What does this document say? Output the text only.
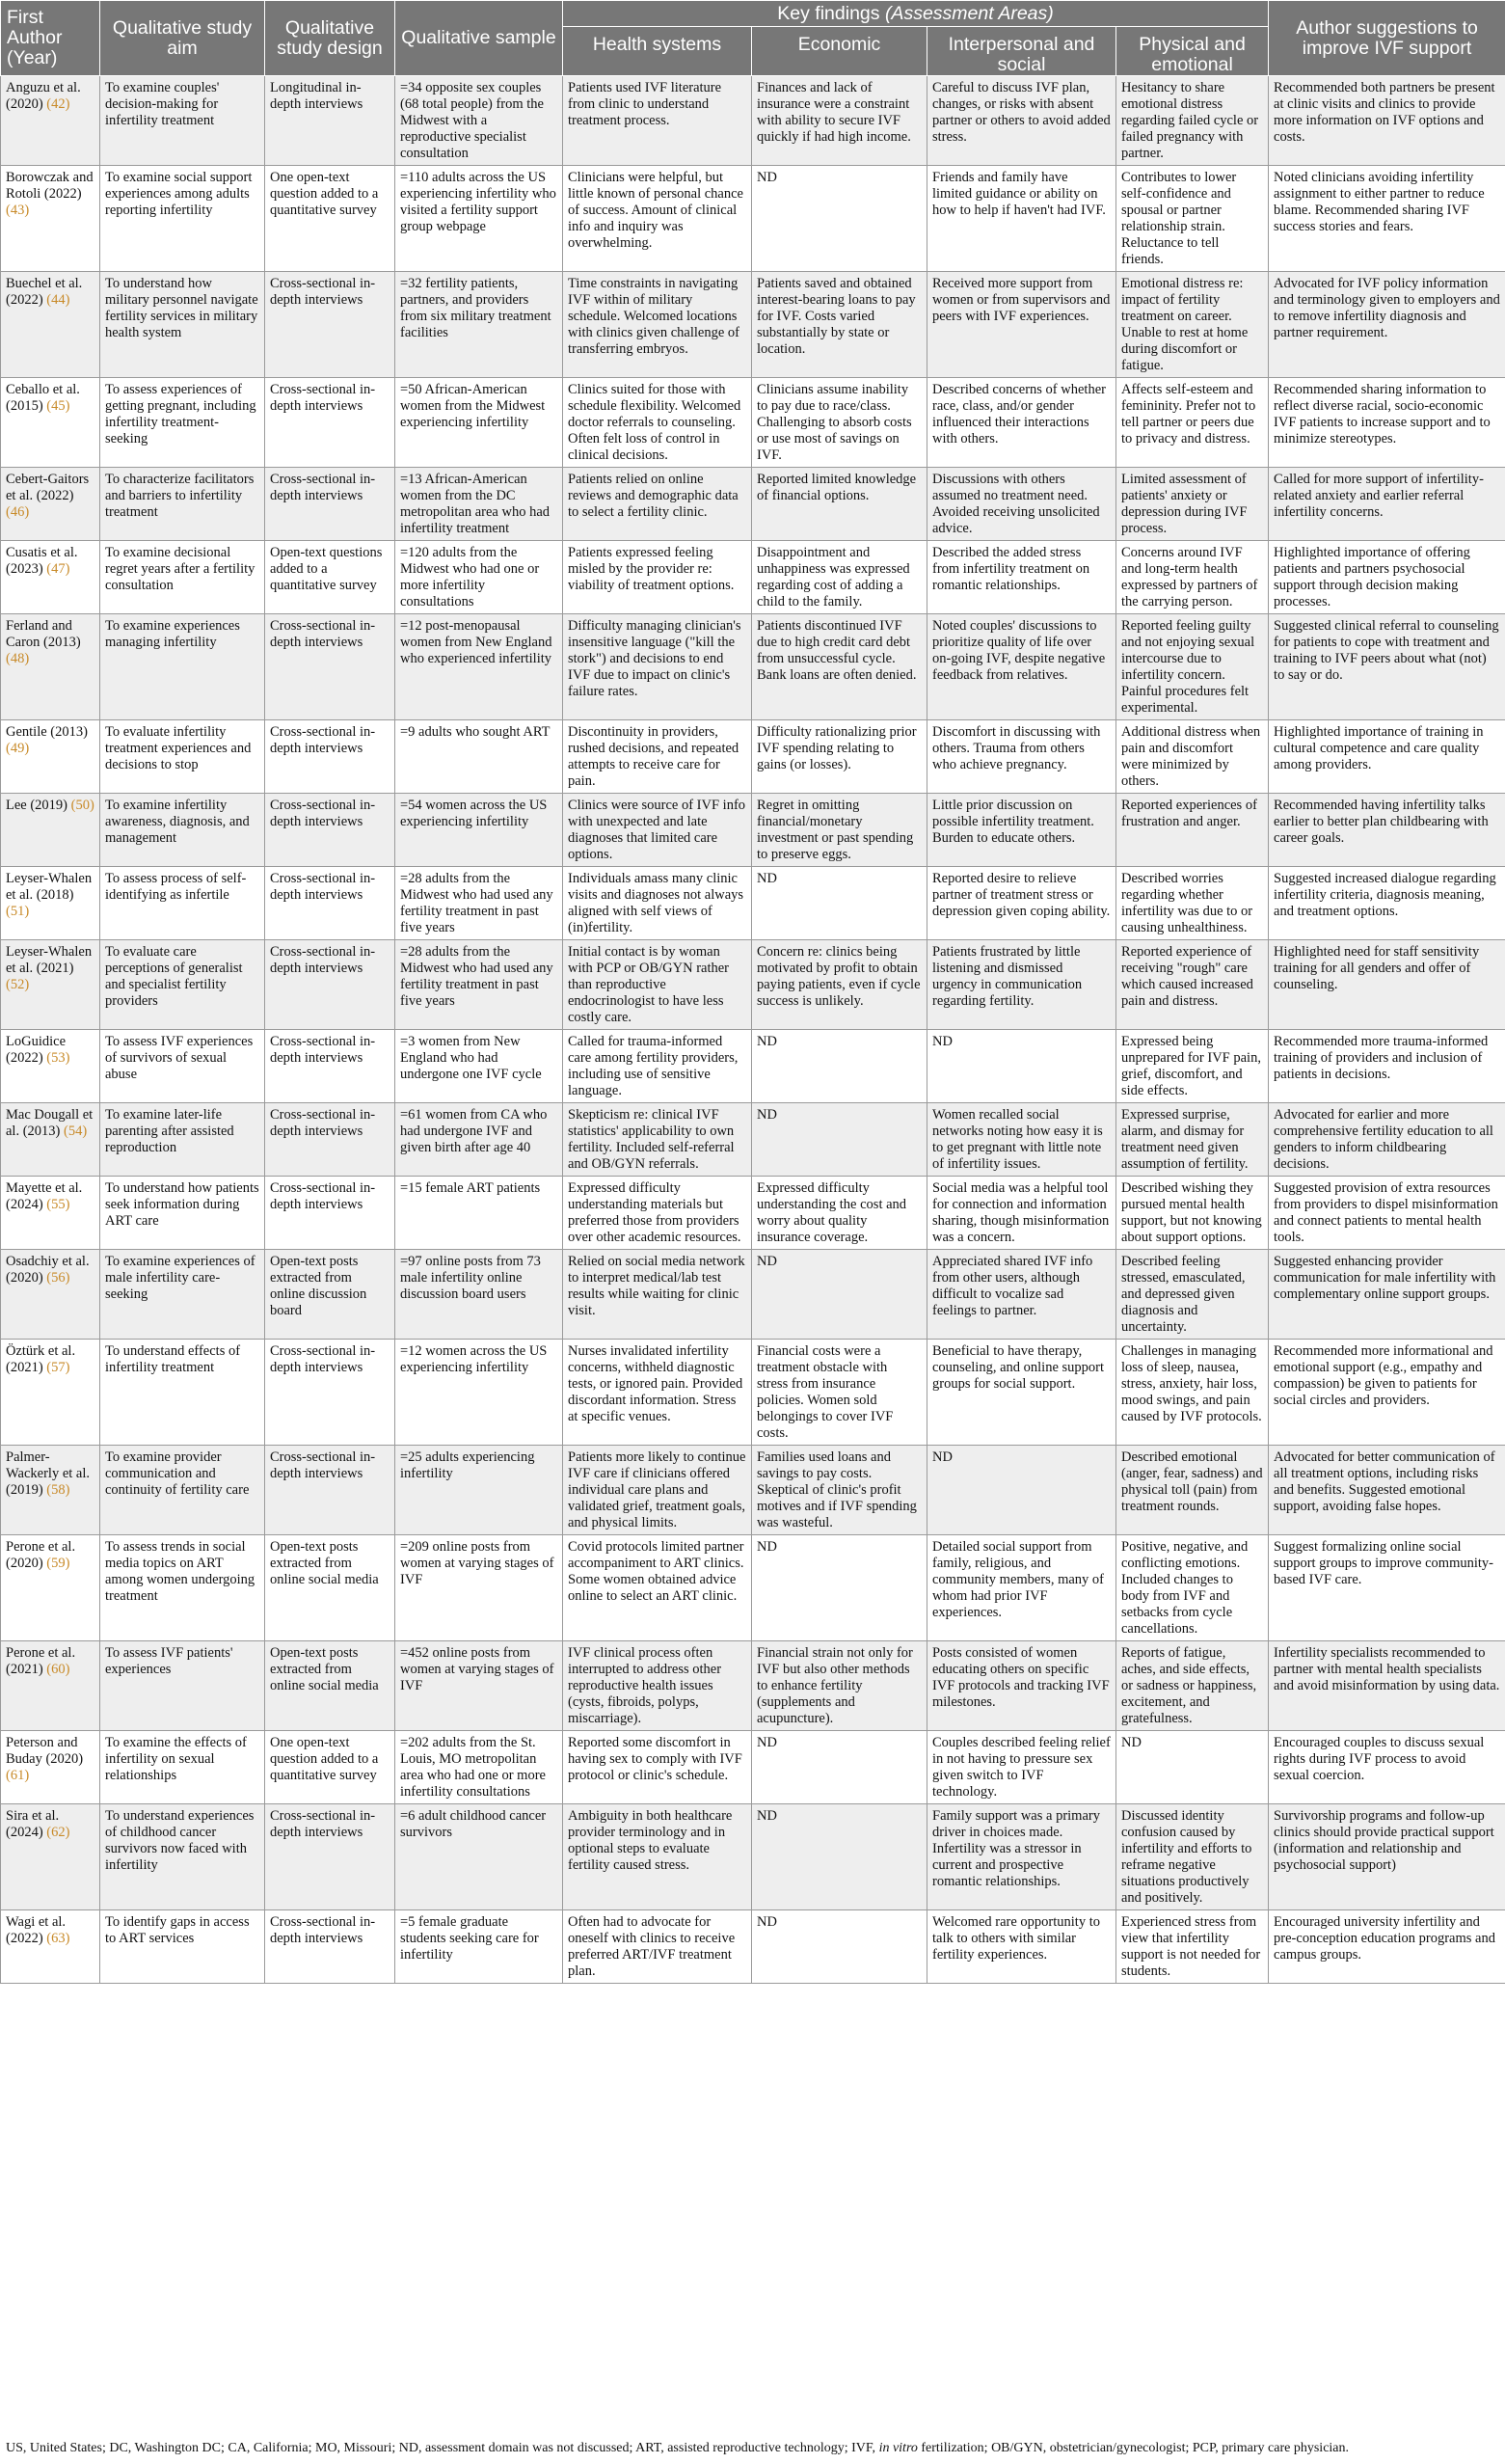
First Author (Year)	Qualitative study aim	Qualitative study design	Qualitative sample	Key findings (Assessment Areas)				Author suggestions to improve IVF support
				Health systems	Economic	Interpersonal and social	Physical and emotional	
Anguzu et al. (2020) (42)	To examine couples' decision-making for infertility treatment	Longitudinal in-depth interviews	=34 opposite sex couples (68 total people) from the Midwest with a reproductive specialist consultation	Patients used IVF literature from clinic to understand treatment process.	Finances and lack of insurance were a constraint with ability to secure IVF quickly if had high income.	Careful to discuss IVF plan, changes, or risks with absent partner or others to avoid added stress.	Hesitancy to share emotional distress regarding failed cycle or failed pregnancy with partner.	Recommended both partners be present at clinic visits and clinics to provide more information on IVF options and costs.
Borowczak and Rotoli (2022) (43)	To examine social support experiences among adults reporting infertility	One open-text question added to a quantitative survey	=110 adults across the US experiencing infertility who visited a fertility support group webpage	Clinicians were helpful, but little known of personal chance of success. Amount of clinical info and inquiry was overwhelming.	ND	Friends and family have limited guidance or ability on how to help if haven't had IVF.	Contributes to lower self-confidence and spousal or partner relationship strain. Reluctance to tell friends.	Noted clinicians avoiding infertility assignment to either partner to reduce blame. Recommended sharing IVF success stories and fears.
Buechel et al. (2022) (44)	To understand how military personnel navigate fertility services in military health system	Cross-sectional in-depth interviews	=32 fertility patients, partners, and providers from six military treatment facilities	Time constraints in navigating IVF within of military schedule. Welcomed locations with clinics given challenge of transferring embryos.	Patients saved and obtained interest-bearing loans to pay for IVF. Costs varied substantially by state or location.	Received more support from women or from supervisors and peers with IVF experiences.	Emotional distress re: impact of fertility treatment on career. Unable to rest at home during discomfort or fatigue.	Advocated for IVF policy information and terminology given to employers and to remove infertility diagnosis and partner requirement.
Ceballo et al. (2015) (45)	To assess experiences of getting pregnant, including infertility treatment-seeking	Cross-sectional in-depth interviews	=50 African-American women from the Midwest experiencing infertility	Clinics suited for those with schedule flexibility. Welcomed doctor referrals to counseling. Often felt loss of control in clinical decisions.	Clinicians assume inability to pay due to race/class. Challenging to absorb costs or use most of savings on IVF.	Described concerns of whether race, class, and/or gender influenced their interactions with others.	Affects self-esteem and femininity. Prefer not to tell partner or peers due to privacy and distress.	Recommended sharing information to reflect diverse racial, socio-economic IVF patients to increase support and to minimize stereotypes.
Cebert-Gaitors et al. (2022) (46)	To characterize facilitators and barriers to infertility treatment	Cross-sectional in-depth interviews	=13 African-American women from the DC metropolitan area who had infertility treatment	Patients relied on online reviews and demographic data to select a fertility clinic.	Reported limited knowledge of financial options.	Discussions with others assumed no treatment need. Avoided receiving unsolicited advice.	Limited assessment of patients' anxiety or depression during IVF process.	Called for more support of infertility-related anxiety and earlier referral infertility concerns.
Cusatis et al. (2023) (47)	To examine decisional regret years after a fertility consultation	Open-text questions added to a quantitative survey	=120 adults from the Midwest who had one or more infertility consultations	Patients expressed feeling misled by the provider re: viability of treatment options.	Disappointment and unhappiness was expressed regarding cost of adding a child to the family.	Described the added stress from infertility treatment on romantic relationships.	Concerns around IVF and long-term health expressed by partners of the carrying person.	Highlighted importance of offering patients and partners psychosocial support through decision making processes.
Ferland and Caron (2013) (48)	To examine experiences managing infertility	Cross-sectional in-depth interviews	=12 post-menopausal women from New England who experienced infertility	Difficulty managing clinician's insensitive language ("kill the stork") and decisions to end IVF due to impact on clinic's failure rates.	Patients discontinued IVF due to high credit card debt from unsuccessful cycle. Bank loans are often denied.	Noted couples' discussions to prioritize quality of life over on-going IVF, despite negative feedback from relatives.	Reported feeling guilty and not enjoying sexual intercourse due to infertility concern. Painful procedures felt experimental.	Suggested clinical referral to counseling for patients to cope with treatment and training to IVF peers about what (not) to say or do.
Gentile (2013) (49)	To evaluate infertility treatment experiences and decisions to stop	Cross-sectional in-depth interviews	=9 adults who sought ART	Discontinuity in providers, rushed decisions, and repeated attempts to receive care for pain.	Difficulty rationalizing prior IVF spending relating to gains (or losses).	Discomfort in discussing with others. Trauma from others who achieve pregnancy.	Additional distress when pain and discomfort were minimized by others.	Highlighted importance of training in cultural competence and care quality among providers.
Lee (2019) (50)	To examine infertility awareness, diagnosis, and management	Cross-sectional in-depth interviews	=54 women across the US experiencing infertility	Clinics were source of IVF info with unexpected and late diagnoses that limited care options.	Regret in omitting financial/monetary investment or past spending to preserve eggs.	Little prior discussion on possible infertility treatment. Burden to educate others.	Reported experiences of frustration and anger.	Recommended having infertility talks earlier to better plan childbearing with career goals.
Leyser-Whalen et al. (2018) (51)	To assess process of self-identifying as infertile	Cross-sectional in-depth interviews	=28 adults from the Midwest who had used any fertility treatment in past five years	Individuals amass many clinic visits and diagnoses not always aligned with self views of (in)fertility.	ND	Reported desire to relieve partner of treatment stress or depression given coping ability.	Described worries regarding whether infertility was due to or causing unhealthiness.	Suggested increased dialogue regarding infertility criteria, diagnosis meaning, and treatment options.
Leyser-Whalen et al. (2021) (52)	To evaluate care perceptions of generalist and specialist fertility providers	Cross-sectional in-depth interviews	=28 adults from the Midwest who had used any fertility treatment in past five years	Initial contact is by woman with PCP or OB/GYN rather than reproductive endocrinologist to have less costly care.	Concern re: clinics being motivated by profit to obtain paying patients, even if cycle success is unlikely.	Patients frustrated by little listening and dismissed urgency in communication regarding fertility.	Reported experience of receiving "rough" care which caused increased pain and distress.	Highlighted need for staff sensitivity training for all genders and offer of counseling.
LoGuidice (2022) (53)	To assess IVF experiences of survivors of sexual abuse	Cross-sectional in-depth interviews	=3 women from New England who had undergone one IVF cycle	Called for trauma-informed care among fertility providers, including use of sensitive language.	ND	ND	Expressed being unprepared for IVF pain, grief, discomfort, and side effects.	Recommended more trauma-informed training of providers and inclusion of patients in decisions.
Mac Dougall et al. (2013) (54)	To examine later-life parenting after assisted reproduction	Cross-sectional in-depth interviews	=61 women from CA who had undergone IVF and given birth after age 40	Skepticism re: clinical IVF statistics' applicability to own fertility. Included self-referral and OB/GYN referrals.	ND	Women recalled social networks noting how easy it is to get pregnant with little note of infertility issues.	Expressed surprise, alarm, and dismay for treatment need given assumption of fertility.	Advocated for earlier and more comprehensive fertility education to all genders to inform childbearing decisions.
Mayette et al. (2024) (55)	To understand how patients seek information during ART care	Cross-sectional in-depth interviews	=15 female ART patients	Expressed difficulty understanding materials but preferred those from providers over other academic resources.	Expressed difficulty understanding the cost and worry about quality insurance coverage.	Social media was a helpful tool for connection and information sharing, though misinformation was a concern.	Described wishing they pursued mental health support, but not knowing about support options.	Suggested provision of extra resources from providers to dispel misinformation and connect patients to mental health tools.
Osadchiy et al. (2020) (56)	To examine experiences of male infertility care-seeking	Open-text posts extracted from online discussion board	=97 online posts from 73 male infertility online discussion board users	Relied on social media network to interpret medical/lab test results while waiting for clinic visit.	ND	Appreciated shared IVF info from other users, although difficult to vocalize sad feelings to partner.	Described feeling stressed, emasculated, and depressed given diagnosis and uncertainty.	Suggested enhancing provider communication for male infertility with complementary online support groups.
Öztürk et al. (2021) (57)	To understand effects of infertility treatment	Cross-sectional in-depth interviews	=12 women across the US experiencing infertility	Nurses invalidated infertility concerns, withheld diagnostic tests, or ignored pain. Provided discordant information. Stress at specific venues.	Financial costs were a treatment obstacle with stress from insurance policies. Women sold belongings to cover IVF costs.	Beneficial to have therapy, counseling, and online support groups for social support.	Challenges in managing loss of sleep, nausea, stress, anxiety, hair loss, mood swings, and pain caused by IVF protocols.	Recommended more informational and emotional support (e.g., empathy and compassion) be given to patients for social circles and providers.
Palmer-Wackerly et al. (2019) (58)	To examine provider communication and continuity of fertility care	Cross-sectional in-depth interviews	=25 adults experiencing infertility	Patients more likely to continue IVF care if clinicians offered individual care plans and validated grief, treatment goals, and physical limits.	Families used loans and savings to pay costs. Skeptical of clinic's profit motives and if IVF spending was wasteful.	ND	Described emotional (anger, fear, sadness) and physical toll (pain) from treatment rounds.	Advocated for better communication of all treatment options, including risks and benefits. Suggested emotional support, avoiding false hopes.
Perone et al. (2020) (59)	To assess trends in social media topics on ART among women undergoing treatment	Open-text posts extracted from online social media	=209 online posts from women at varying stages of IVF	Covid protocols limited partner accompaniment to ART clinics. Some women obtained advice online to select an ART clinic.	ND	Detailed social support from family, religious, and community members, many of whom had prior IVF experiences.	Positive, negative, and conflicting emotions. Included changes to body from IVF and setbacks from cycle cancellations.	Suggest formalizing online social support groups to improve community-based IVF care.
Perone et al. (2021) (60)	To assess IVF patients' experiences	Open-text posts extracted from online social media	=452 online posts from women at varying stages of IVF	IVF clinical process often interrupted to address other reproductive health issues (cysts, fibroids, polyps, miscarriage).	Financial strain not only for IVF but also other methods to enhance fertility (supplements and acupuncture).	Posts consisted of women educating others on specific IVF protocols and tracking IVF milestones.	Reports of fatigue, aches, and side effects, or sadness or happiness, excitement, and gratefulness.	Infertility specialists recommended to partner with mental health specialists and avoid misinformation by using data.
Peterson and Buday (2020) (61)	To examine the effects of infertility on sexual relationships	One open-text question added to a quantitative survey	=202 adults from the St. Louis, MO metropolitan area who had one or more infertility consultations	Reported some discomfort in having sex to comply with IVF protocol or clinic's schedule.	ND	Couples described feeling relief in not having to pressure sex given switch to IVF technology.	ND	Encouraged couples to discuss sexual rights during IVF process to avoid sexual coercion.
Sira et al. (2024) (62)	To understand experiences of childhood cancer survivors now faced with infertility	Cross-sectional in-depth interviews	=6 adult childhood cancer survivors	Ambiguity in both healthcare provider terminology and in optional steps to evaluate fertility caused stress.	ND	Family support was a primary driver in choices made. Infertility was a stressor in current and prospective romantic relationships.	Discussed identity confusion caused by infertility and efforts to reframe negative situations productively and positively.	Survivorship programs and follow-up clinics should provide practical support (information and relationship and psychosocial support)
Wagi et al. (2022) (63)	To identify gaps in access to ART services	Cross-sectional in-depth interviews	=5 female graduate students seeking care for infertility	Often had to advocate for oneself with clinics to receive preferred ART/IVF treatment plan.	ND	Welcomed rare opportunity to talk to others with similar fertility experiences.	Experienced stress from view that infertility support is not needed for students.	Encouraged university infertility and pre-conception education programs and campus groups.
US, United States; DC, Washington DC; CA, California; MO, Missouri; ND, assessment domain was not discussed; ART, assisted reproductive technology; IVF, in vitro fertilization; OB/GYN, obstetrician/gynecologist; PCP, primary care physician.
